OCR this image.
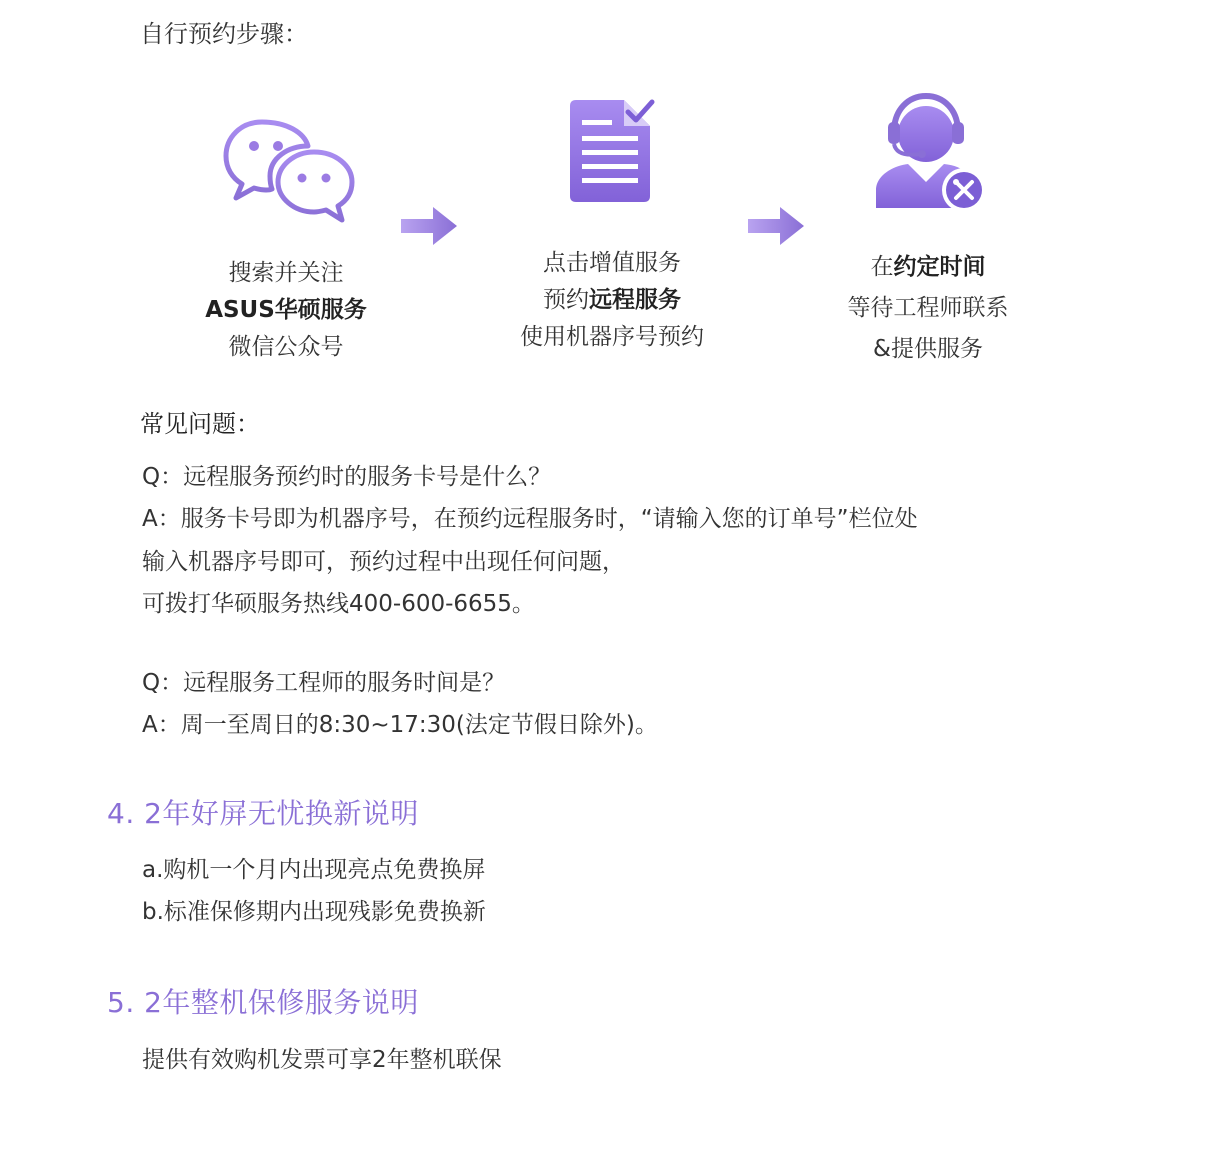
自行预约步骤：
搜索并关注
ASUS华硕服务
微信公众号
点击增值服务
预约远程服务
使用机器序号预约
在约定时间
等待工程师联系
&提供服务
常见问题：
Q：远程服务预约时的服务卡号是什么？
A：服务卡号即为机器序号，在预约远程服务时，“请输入您的订单号”栏位处
输入机器序号即可，预约过程中出现任何问题，
可拨打华硕服务热线400-600-6655。
Q：远程服务工程师的服务时间是？
A：周一至周日的8:30~17:30(法定节假日除外)。
4. 2年好屏无忧换新说明
a.购机一个月内出现亮点免费换屏
b.标准保修期内出现残影免费换新
5. 2年整机保修服务说明
提供有效购机发票可享2年整机联保
